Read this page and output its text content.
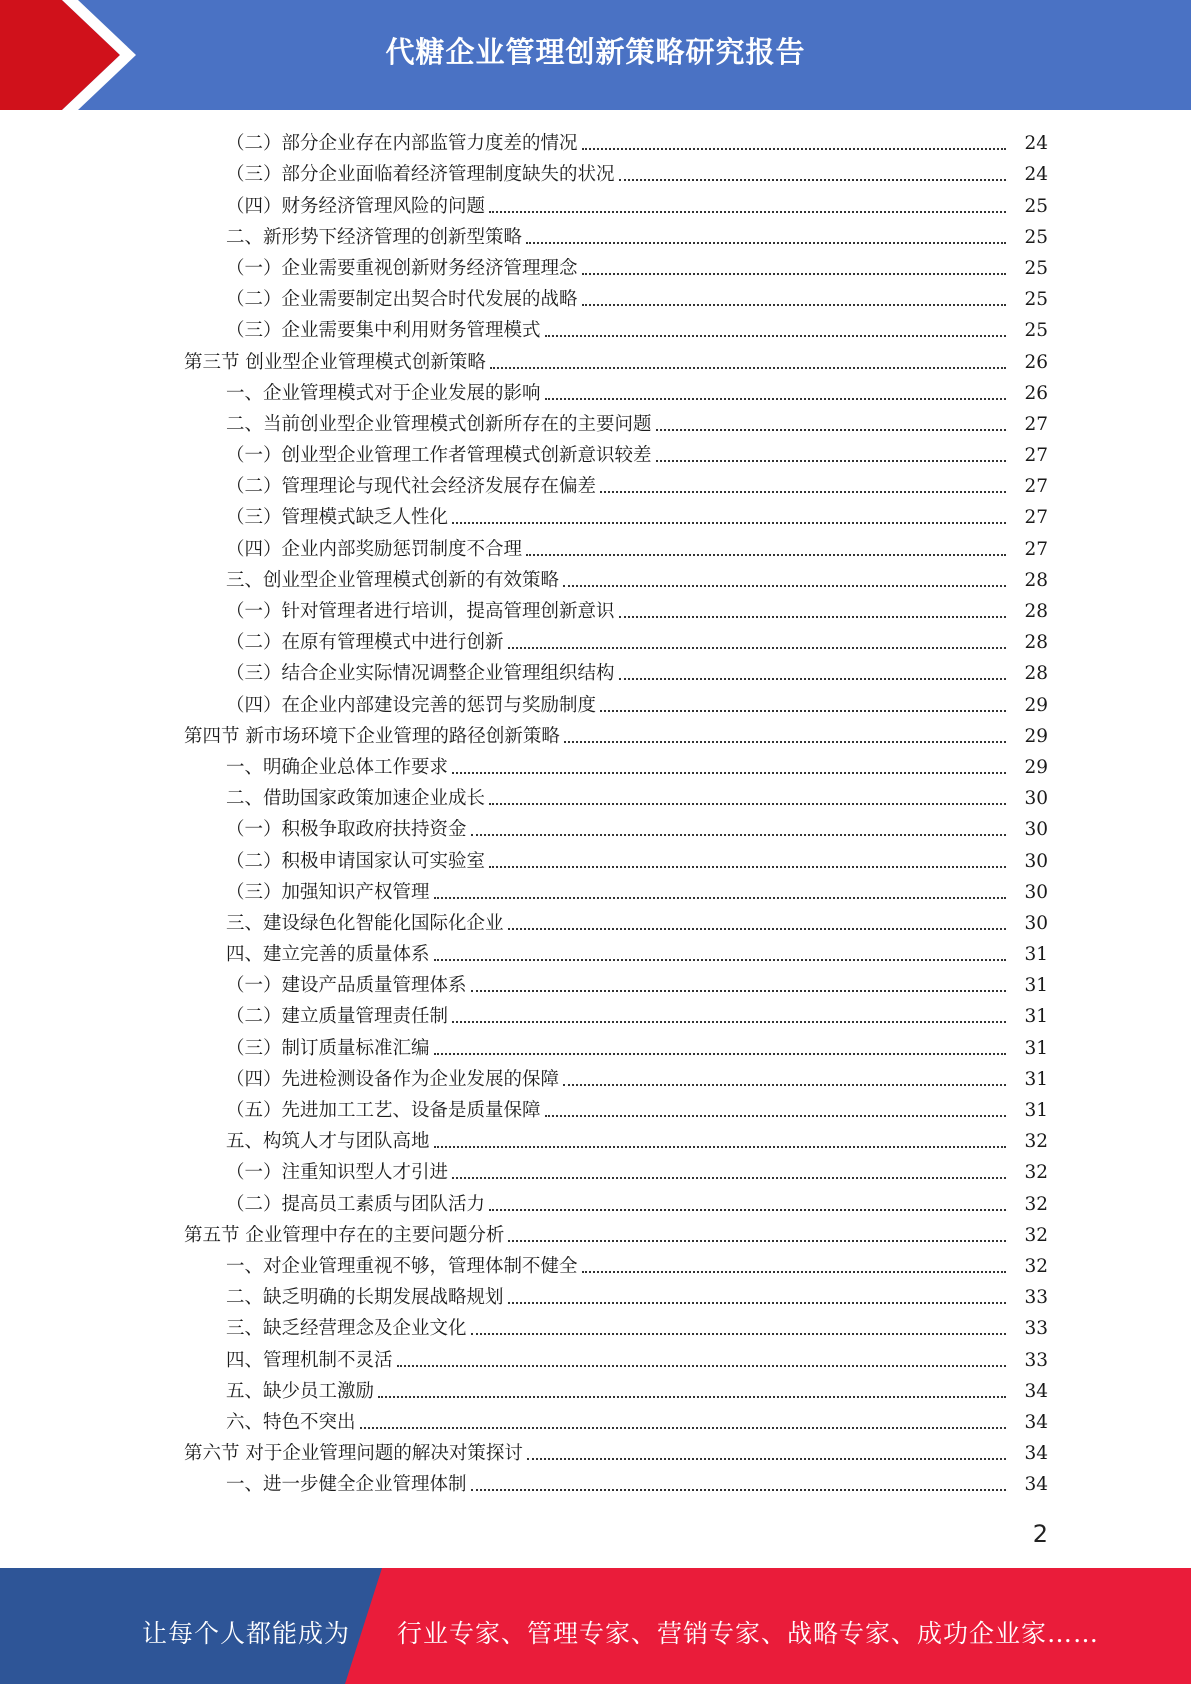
代糖企业管理创新策略研究报告
（二）部分企业存在内部监管力度差的情况	24
（三）部分企业面临着经济管理制度缺失的状况	24
（四）财务经济管理风险的问题	25
二、新形势下经济管理的创新型策略	25
（一）企业需要重视创新财务经济管理理念	25
（二）企业需要制定出契合时代发展的战略	25
（三）企业需要集中利用财务管理模式	25
第三节 创业型企业管理模式创新策略	26
一、企业管理模式对于企业发展的影响	26
二、当前创业型企业管理模式创新所存在的主要问题	27
（一）创业型企业管理工作者管理模式创新意识较差	27
（二）管理理论与现代社会经济发展存在偏差	27
（三）管理模式缺乏人性化	27
（四）企业内部奖励惩罚制度不合理	27
三、创业型企业管理模式创新的有效策略	28
（一）针对管理者进行培训，提高管理创新意识	28
（二）在原有管理模式中进行创新	28
（三）结合企业实际情况调整企业管理组织结构	28
（四）在企业内部建设完善的惩罚与奖励制度	29
第四节 新市场环境下企业管理的路径创新策略	29
一、明确企业总体工作要求	29
二、借助国家政策加速企业成长	30
（一）积极争取政府扶持资金	30
（二）积极申请国家认可实验室	30
（三）加强知识产权管理	30
三、建设绿色化智能化国际化企业	30
四、建立完善的质量体系	31
（一）建设产品质量管理体系	31
（二）建立质量管理责任制	31
（三）制订质量标准汇编	31
（四）先进检测设备作为企业发展的保障	31
（五）先进加工工艺、设备是质量保障	31
五、构筑人才与团队高地	32
（一）注重知识型人才引进	32
（二）提高员工素质与团队活力	32
第五节 企业管理中存在的主要问题分析	32
一、对企业管理重视不够，管理体制不健全	32
二、缺乏明确的长期发展战略规划	33
三、缺乏经营理念及企业文化	33
四、管理机制不灵活	33
五、缺少员工激励	34
六、特色不突出	34
第六节 对于企业管理问题的解决对策探讨	34
一、进一步健全企业管理体制	34
2
让每个人都能成为 行业专家、管理专家、营销专家、战略专家、成功企业家……
